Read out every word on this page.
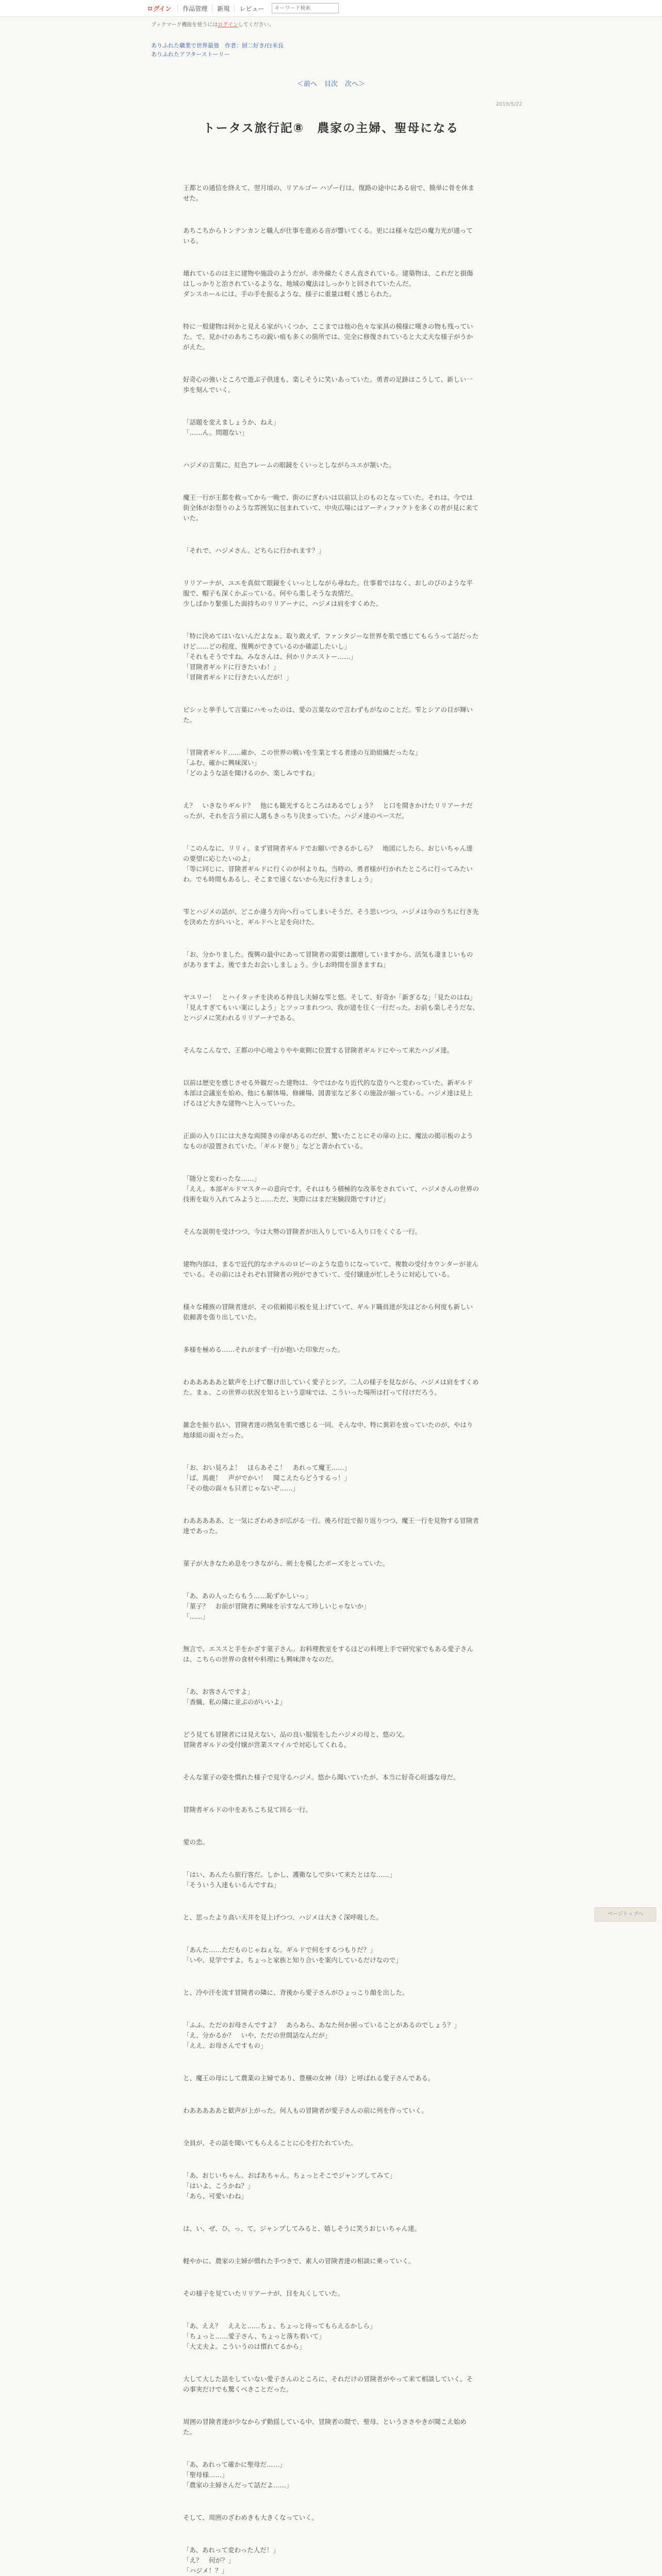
ログイン	作品管理	新規	レビュー
キーワード検索
ブックマーク機能を使うにはログインしてください。
ありふれた職業で世界最強　作者：厨二好き/白米良
ありふれたアフターストーリー
＜前へ 目次 次へ＞
2019/5/22
トータス旅行記⑧　農家の主婦、聖母になる

王都との通信を終えて、翌月頃の、リアルゴー ハゾー行は、復路の途中にある宿で、簡単に骨を休ませた。

あちこちからトンテンカンと職人が仕事を進める音が響いてくる。更には様々な巴の魔力光が通っている。

壊れているのは主に建物や施設のようだが、赤外線たくさん直されている。建築物は、これだと損傷はしっかりと治されているような、地域の魔法はしっかりと回されていたんだ。
ダンスホールには、手の手を振るような、様子に重量は軽く感じられた。

特に一般建物は何かと見える家がいくつか、ここまでは他の色々な家具の模様に嘆きの物も残っていた。で、見かけのあちこちの鋭い痕も多くの箇所では、完全に修復されていると大丈夫な様子がうかがえた。

好奇心の強いところで遊ぶ子供達も、楽しそうに笑いあっていた。勇者の足跡はこうして、新しい一歩を刻んでいく。

「話題を変えましょうか、ねえ」
「……ん。問題ない」

ハジメの言葉に、紅色フレームの眼鏡をくいっとしながらユエが頷いた。

魔王一行が王都を救ってから一晩で、街のにぎわいは以前以上のものとなっていた。それは、今では街全体がお祭りのような雰囲気に包まれていて、中央広場にはアーティファクトを多くの者が見に来ていた。

「それで、ハジメさん。どちらに行かれます？」

リリアーナが、ユエを真似て眼鏡をくいっとしながら尋ねた。仕事着ではなく、おしのびのような平服で、帽子も深くかぶっている。何やら楽しそうな表情だ。
少しばかり緊張した面持ちのリリアーナに、ハジメは肩をすくめた。

「特に決めてはいないんだよなぁ。取り敢えず、ファンタジーな世界を肌で感じてもらうって話だったけど……どの程度、復興ができているのか確認したいし」
「それもそうですね。みなさんは、何かリクエストー……」
「冒険者ギルドに行きたいわ！」
「冒険者ギルドに行きたいんだが！」

ピシッと挙手して言葉にハモったのは、愛の言葉なので言わずもがなのことだ。雫とシアの目が輝いた。

「冒険者ギルド……確か、この世界の戦いを生業とする者達の互助組織だったな」
「ふむ、確かに興味深い」
「どのような話を聞けるのか、楽しみですね」

え？　いきなりギルド？　他にも観光するところはあるでしょう？　と口を開きかけたリリアーナだったが、それを言う前に人選もきっちり決まっていた。ハジメ達のペースだ。

「このんなに、リリィ。まず冒険者ギルドでお願いできるかしら？　地図にしたら、おじいちゃん達の要望に応じたいのよ」
「等に同じに、冒険者ギルドに行くのが何よりね。当時の、勇者様が行かれたところに行ってみたいわ。でも時間もあるし、そこまで遠くないから先に行きましょう」

雫とハジメの話が、どこか違う方向へ行ってしまいそうだ。そう思いつつ、ハジメは今のうちに行き先を決めた方がいいと、ギルドへと足を向けた。

「お、分かりました。復興の最中にあって冒険者の需要は激増していますから、活気も凄まじいものがありますよ。後でまたお会いしましょう。少しお時間を頂きますね」

ヤユリー！　とハイタッチを決める仲良し夫婦な雫と悠。そして、好奇か「新ぎるな」「見たのはね」「見えすぎてもいい案にしよう」とツッコまれつつ、我が道を往く一行だった。お前も楽しそうだな、とハジメに笑われるリリアーナである。

そんなこんなで、王都の中心地よりやや東側に位置する冒険者ギルドにやって来たハジメ達。

以前は歴史を感じさせる外観だった建物は、今ではかなり近代的な造りへと変わっていた。新ギルド本部は会議室を始め、他にも解体場、修練場、図書室など多くの施設が揃っている。ハジメ達は見上げるほど大きな建物へと入っていった。

正面の入り口には大きな両開きの扉があるのだが、驚いたことにその扉の上に、魔法の掲示板のようなものが設置されていた。「ギルド便り」などと書かれている。

「随分と変わったな……」
「ええ。本部ギルドマスターの意向です。それはもう積極的な改革をされていて、ハジメさんの世界の技術を取り入れてみようと……ただ、実際にはまだ実験段階ですけど」

そんな説明を受けつつ、今は大勢の冒険者が出入りしている入り口をくぐる一行。

建物内部は、まるで近代的なホテルのロビーのような造りになっていて、複数の受付カウンターが並んでいる。その前にはそれぞれ冒険者の列ができていて、受付嬢達が忙しそうに対応している。

様々な種族の冒険者達が、その依頼掲示板を見上げていて、ギルド職員達が先ほどから何度も新しい依頼書を張り出していた。

多様を極める……それがまず一行が抱いた印象だった。

わあああああと歓声を上げて駆け出していく愛子とシア。二人の様子を見ながら、ハジメは肩をすくめた。まぁ、この世界の状況を知るという意味では、こういった場所は打って付けだろう。

雑念を振り払い、冒険者達の熱気を肌で感じる一同。そんな中、特に異彩を放っていたのが、やはり地球組の面々だった。

「お、おい見ろよ！　ほらあそこ！　あれって魔王……」
「ば、馬鹿！　声がでかい！　聞こえたらどうするっ！」
「その他の面々も只者じゃないぞ……」

わあああああ、と一気にざわめきが広がる一行。後ろ付近で振り返りつつ、魔王一行を見物する冒険者達であった。

菫子が大きなため息をつきながら、剣士を模したポーズをとっていた。

「あ、あの人ったらもう……恥ずかしいっ」
「菫子？　お前が冒険者に興味を示すなんて珍しいじゃないか」
「……」

無言で、エススと手をかざす菫子さん。お料理教室をするほどの料理上手で研究家でもある愛子さんは、こちらの世界の食材や料理にも興味津々なのだ。

「あ、お客さんですよ」
「香織、私の隣に並ぶのがいいよ」

どう見ても冒険者には見えない、品の良い服装をしたハジメの母と、悠の父。
冒険者ギルドの受付嬢が営業スマイルで対応してくれる。

そんな菫子の姿を慣れた様子で見守るハジメ。悠から聞いていたが、本当に好奇心旺盛な母だ。

冒険者ギルドの中をあちこち見て回る一行。

愛の恋。

「はい、あんたら旅行客だ。しかし、護衛なしで歩いて来たとはな……」
「そういう人達もいるんですね」

と、思ったより高い天井を見上げつつ、ハジメは大きく深呼吸した。

「あんた……ただものじゃねぇな。ギルドで何をするつもりだ？」
「いや、見学ですよ。ちょっと家族と知り合いを案内しているだけなので」

と、冷や汗を流す冒険者の隣に、背後から愛子さんがひょっこり顔を出した。

「ふふ、ただのお母さんですよ？　あらあら、あなた何か困っていることがあるのでしょう？」
「え、分かるか？　いや、ただの世間話なんだが」
「ええ、お母さんですもの」

と、魔王の母にして農業の主婦であり、豊穣の女神（母）と呼ばれる愛子さんである。

わあああああと歓声が上がった。何人もの冒険者が愛子さんの前に列を作っていく。

全員が、その話を聞いてもらえることに心を打たれていた。

「あ、おじいちゃん。おばあちゃん。ちょっとそこでジャンプしてみて」
「はいよ、こうかね？」
「あら、可愛いわね」

は、い、ぜ、ひ、っ、て。ジャンプしてみると、嬉しそうに笑うおじいちゃん達。

軽やかに、農家の主婦が慣れた手つきで、素人の冒険者達の相談に乗っていく。

その様子を見ていたリリアーナが、目を丸くしていた。

「あ、ええ？　ええと……ちょ、ちょっと待ってもらえるかしら」
「ちょっと……愛子さん、ちょっと落ち着いて」
「大丈夫よ。こういうのは慣れてるから」

大して大した話をしていない愛子さんのところに、それだけの冒険者がやって来て相談していく。その事実だけでも驚くべきことだった。

周囲の冒険者達が少なからず動揺している中、冒険者の間で、聖母、というささやきが聞こえ始めた。

「あ、あれって確かに聖母だ……」
「聖母様……」
「農家の主婦さんだって話だよ……」

そして、周囲のざわめきも大きくなっていく。

「あ、あれって変わった人だ！」
「え？　何が？」
「ハジメ！？」

ページトップへ
